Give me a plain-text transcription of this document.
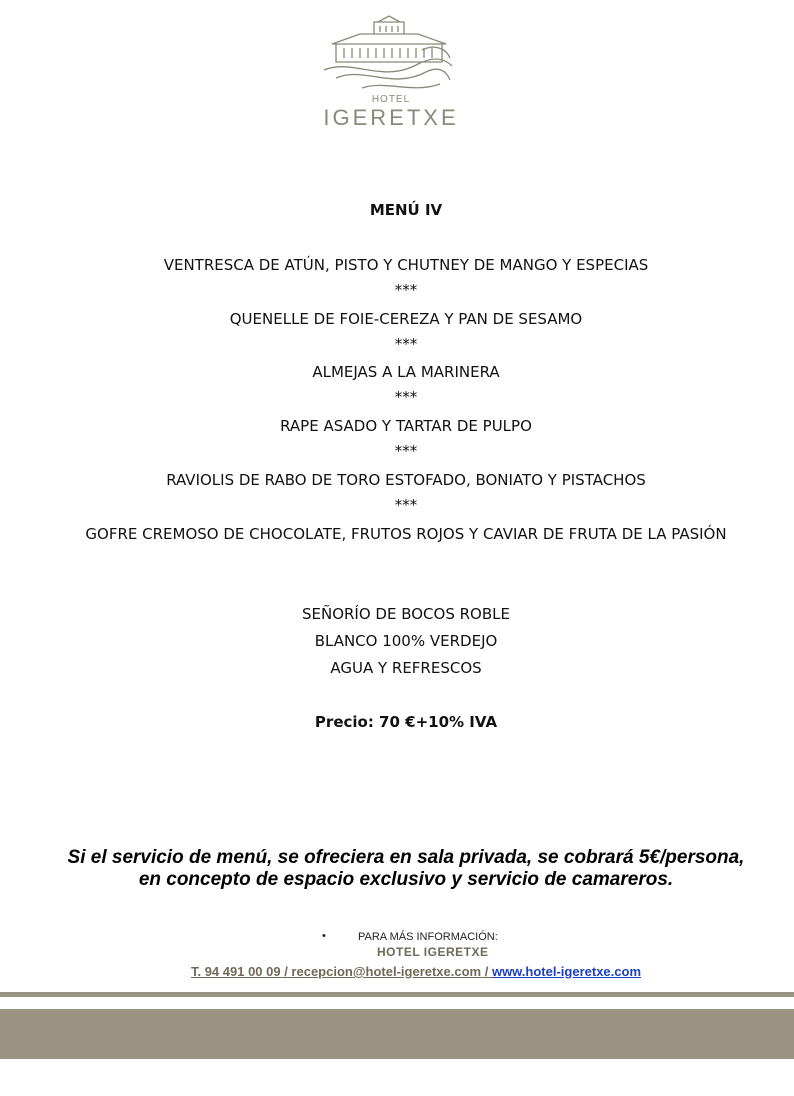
HOTEL
IGERETXE
MENÚ IV
VENTRESCA DE ATÚN, PISTO Y CHUTNEY DE MANGO Y ESPECIAS
***
QUENELLE DE FOIE-CEREZA Y PAN DE SESAMO
***
ALMEJAS A LA MARINERA
***
RAPE ASADO Y TARTAR DE PULPO
***
RAVIOLIS DE RABO DE TORO ESTOFADO, BONIATO Y PISTACHOS
***
GOFRE CREMOSO DE CHOCOLATE, FRUTOS ROJOS Y CAVIAR DE FRUTA DE LA PASIÓN
SEÑORÍO DE BOCOS ROBLE
BLANCO 100% VERDEJO
AGUA Y REFRESCOS
Precio: 70 €+10% IVA
Si el servicio de menú, se ofreciera en sala privada, se cobrará 5€/persona,
en concepto de espacio exclusivo y servicio de camareros.
•	PARA MÁS INFORMACIÓN:
HOTEL IGERETXE
T. 94 491 00 09 / recepcion@hotel-igeretxe.com / www.hotel-igeretxe.com
